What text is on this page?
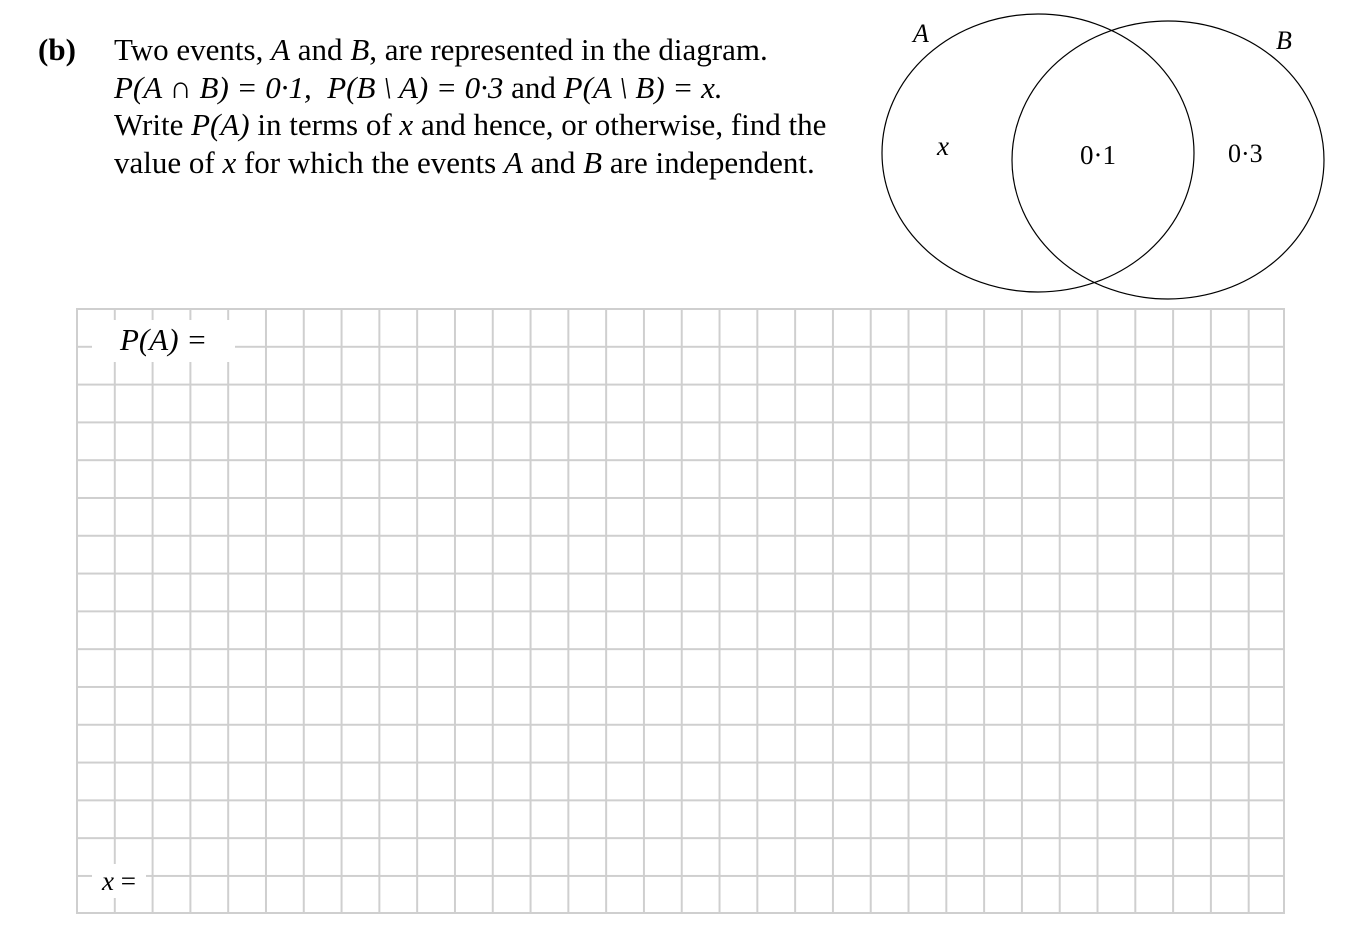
(b) Two events, A and B, are represented in the diagram.
P(A ∩ B) = 0·1, P(B \ A) = 0·3 and P(A \ B) = x.
Write P(A) in terms of x and hence, or otherwise, find the
value of x for which the events A and B are independent.
A	B
x	0·1	0·3
P(A) =
x =
